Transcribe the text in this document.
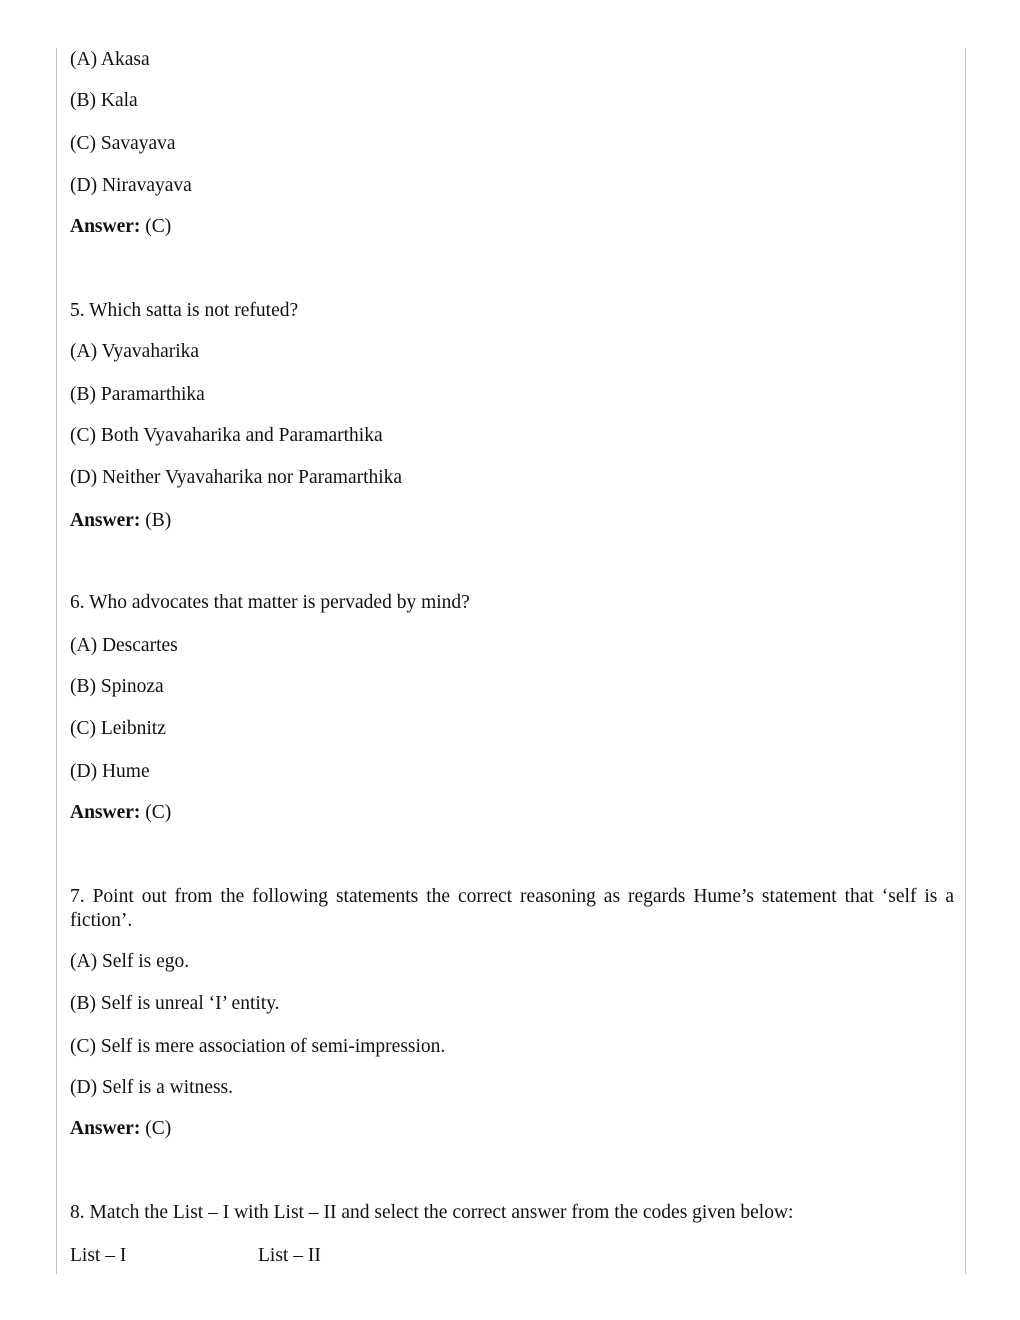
(A) Akasa
(B) Kala
(C) Savayava
(D) Niravayava
Answer: (C)
5. Which satta is not refuted?
(A) Vyavaharika
(B) Paramarthika
(C) Both Vyavaharika and Paramarthika
(D) Neither Vyavaharika nor Paramarthika
Answer: (B)
6. Who advocates that matter is pervaded by mind?
(A) Descartes
(B) Spinoza
(C) Leibnitz
(D) Hume
Answer: (C)
7. Point out from the following statements the correct reasoning as regards Hume’s statement that ‘self is a fiction’.
(A) Self is ego.
(B) Self is unreal ‘I’ entity.
(C) Self is mere association of semi-impression.
(D) Self is a witness.
Answer: (C)
8. Match the List – I with List – II and select the correct answer from the codes given below:
List – I	List – II
